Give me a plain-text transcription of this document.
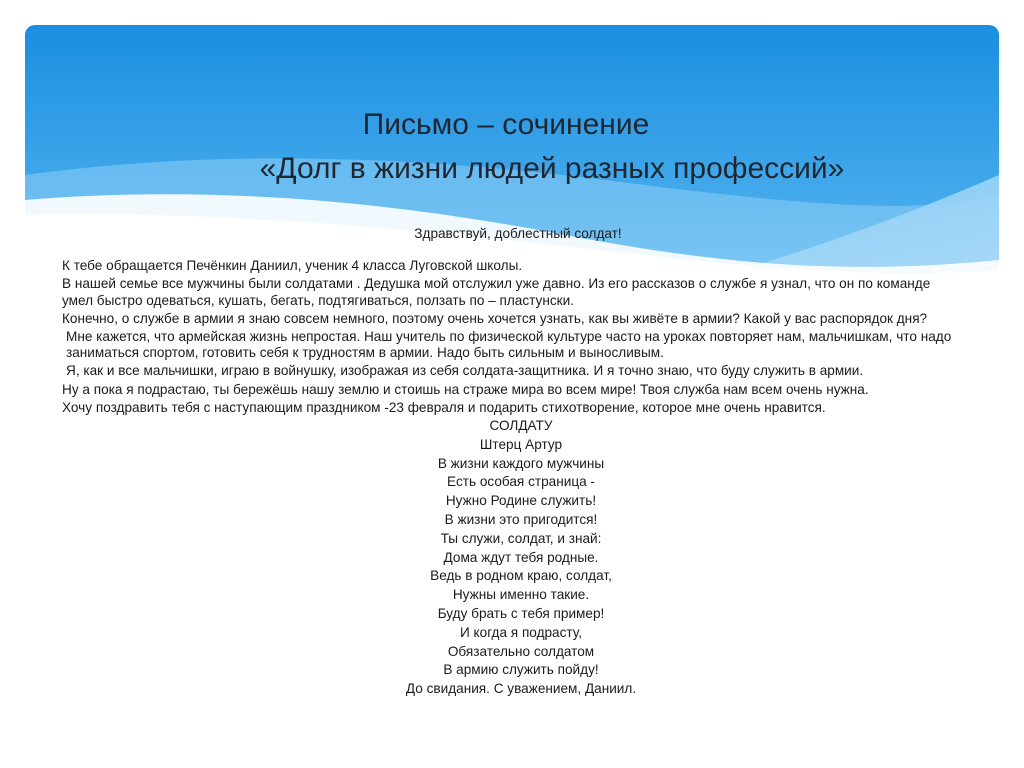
Письмо – сочинение
«Долг в жизни людей разных профессий»

Здравствуй, доблестный солдат!

К тебе обращается Печёнкин Даниил, ученик 4 класса Луговской школы.

В нашей семье все мужчины были солдатами . Дедушка мой отслужил уже давно. Из его рассказов о службе я узнал, что он по команде умел быстро одеваться, кушать, бегать, подтягиваться, ползать по – пластунски.

Конечно, о службе в армии я знаю совсем немного, поэтому очень хочется узнать, как вы живёте в армии? Какой у вас распорядок дня?

Мне кажется, что армейская жизнь непростая. Наш учитель по физической культуре часто на уроках повторяет нам, мальчишкам, что надо заниматься спортом, готовить себя к трудностям в армии. Надо быть сильным и выносливым.

Я, как и все мальчишки, играю в войнушку, изображая из себя солдата-защитника. И я точно знаю, что буду служить в армии.

Ну а пока я подрастаю, ты бережёшь нашу землю и стоишь на страже мира во всем мире! Твоя служба нам всем очень нужна.

Хочу поздравить тебя с наступающим праздником -23 февраля и подарить стихотворение, которое мне очень нравится.

СОЛДАТУ

Штерц Артур

В жизни каждого мужчины

Есть особая страница -

Нужно Родине служить!

В жизни это пригодится!

Ты служи, солдат, и знай:

Дома ждут тебя родные.

Ведь в родном краю, солдат,

Нужны именно такие.

Буду брать с тебя пример!

И когда я подрасту,

Обязательно солдатом

В армию служить пойду!

До свидания. С уважением, Даниил.
